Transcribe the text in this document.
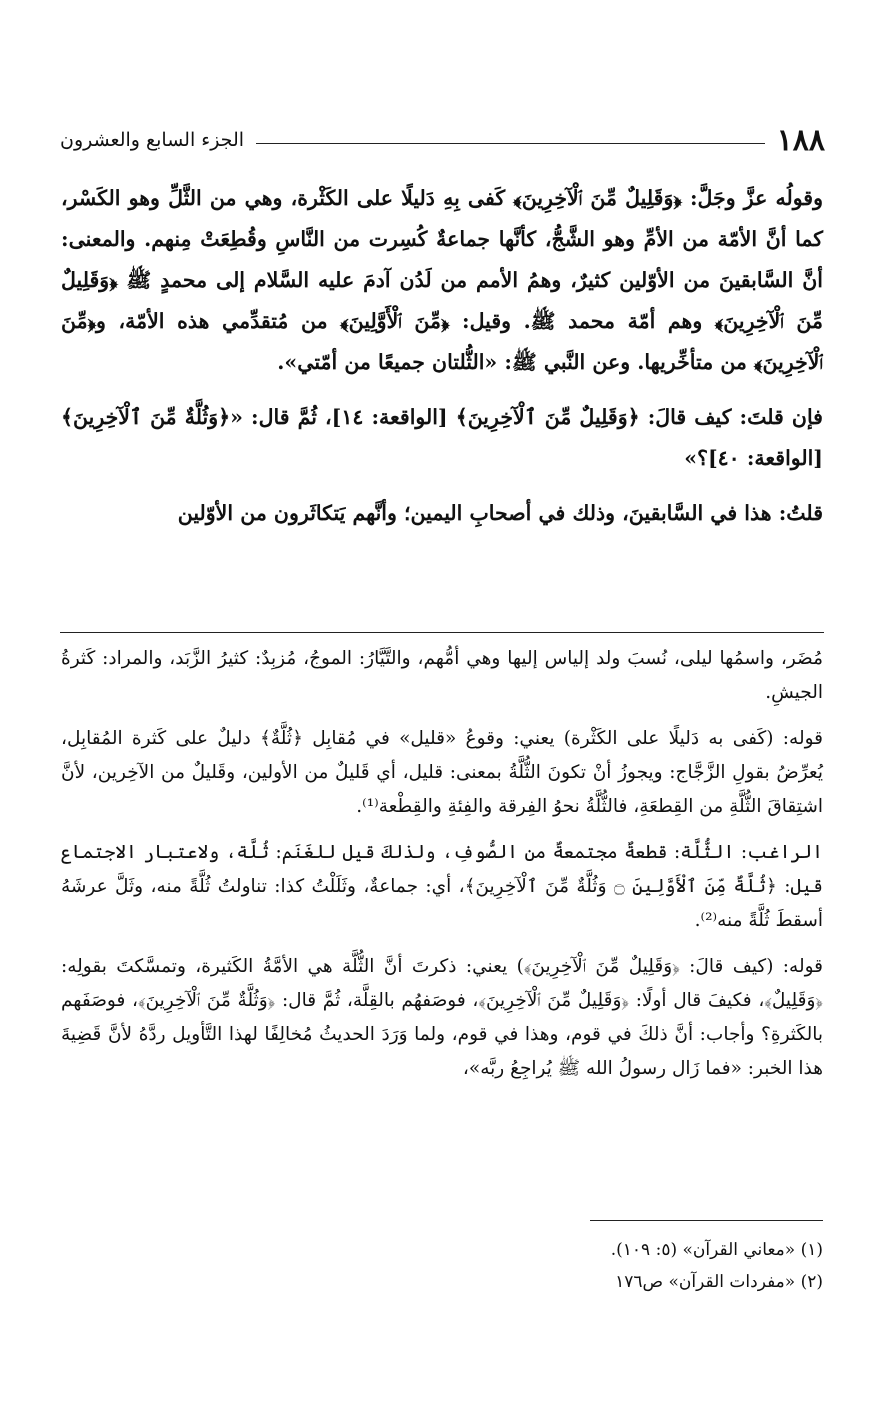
١٨٨
الجزء السابع والعشرون

وقولُه عزَّ وجَلَّ: ﴿وَقَلِيلٌ مِّنَ ٱلْآخِرِينَ﴾ كَفى بِهِ دَليلًا على الكَثْرة، وهي من الثَّلِّ وهو الكَسْر، كما أنَّ الأمّة من الأمِّ وهو الشَّجُّ، كأنَّها جماعةٌ كُسِرت من النَّاسِ وقُطِعَتْ مِنهم. والمعنى: أنَّ السَّابقينَ من الأوّلين كثيرٌ، وهمُ الأمم من لَدُن آدمَ عليه السَّلام إلى محمدٍ ﷺ ﴿وَقَلِيلٌ مِّنَ ٱلْآخِرِينَ﴾ وهم أمّة محمد ﷺ. وقيل: ﴿مِّنَ ٱلْأَوَّلِينَ﴾ من مُتقدِّمي هذه الأمّة، و﴿مِّنَ ٱلْآخِرِينَ﴾ من متأخِّريها. وعن النَّبي ﷺ: «الثُّلتان جميعًا من أمّتي».

فإن قلتَ: كيف قالَ: ﴿وَقَلِيلٌ مِّنَ ٱلْآخِرِينَ﴾ [الواقعة: ١٤]، ثُمَّ قال: «﴿وَثُلَّةٌ مِّنَ ٱلْآخِرِينَ﴾ [الواقعة: ٤٠]؟»

قلتُ: هذا في السَّابقينَ، وذلك في أصحابِ اليمين؛ وأنَّهم يَتكاثَرون من الأوّلين

مُضَر، واسمُها ليلى، نُسبَ ولد إلياس إليها وهي أمُّهم، والتَّيَّارُ: الموجُ، مُزبِدٌ: كثيرُ الزَّبَد، والمراد: كَثرةُ الجيشِ.

قوله: (كَفى به دَليلًا على الكَثْرة) يعني: وقوعُ «قليل» في مُقابِل ﴿ثُلَّةٌ﴾ دليلٌ على كَثرة المُقابِل، يُعرِّضُ بقولِ الزَّجَّاج: ويجوزُ أنْ تكونَ الثُّلَّةُ بمعنى: قليل، أي قَليلٌ من الأولين، وقَليلٌ من الآخِرين، لأنَّ اشتِقاقَ الثُّلَّةِ من القِطعَةِ، فالثُّلَّةُ نحوُ الفِرقة والفِئةِ والقِطْعة⁽¹⁾.

الراغب: الثُّلَّة: قطعةٌ مجتمعةٌ من الصُّوفِ، ولذلكَ قيل للغَنَم: ثُلَّة، ولاعتبار الاجتماع قيل: ﴿ثُلَّةٌ مِّنَ ٱلْأَوَّلِينَ ۝ وَثُلَّةٌ مِّنَ ٱلْآخِرِينَ﴾، أي: جماعةٌ، وثَلَلْتُ كذا: تناولتُ ثُلَّةً منه، وثَلَّ عرشَهُ أسقطَ ثُلَّةً منه⁽²⁾.

قوله: (كيف قالَ: ﴿وَقَلِيلٌ مِّنَ ٱلْآخِرِينَ﴾) يعني: ذكرتَ أنَّ الثُّلَّة هي الأمَّةُ الكَثيرة، وتمسَّكتَ بقولِه: ﴿وَقَلِيلٌ﴾، فكيفَ قال أولًا: ﴿وَقَلِيلٌ مِّنَ ٱلْآخِرِينَ﴾، فوصَفهُم بالقِلَّة، ثُمَّ قال: ﴿وَثُلَّةٌ مِّنَ ٱلْآخِرِينَ﴾، فوصَفَهم بالكَثرةِ؟ وأجاب: أنَّ ذلكَ في قوم، وهذا في قوم، ولما وَرَدَ الحديثُ مُخالِفًا لهذا التَّأويل ردَّهُ لأنَّ قَضِيةَ هذا الخبر: «فما زَال رسولُ الله ﷺ يُراجِعُ ربَّه»،

(١) «معاني القرآن» (٥: ١٠٩).
(٢) «مفردات القرآن» ص١٧٦
